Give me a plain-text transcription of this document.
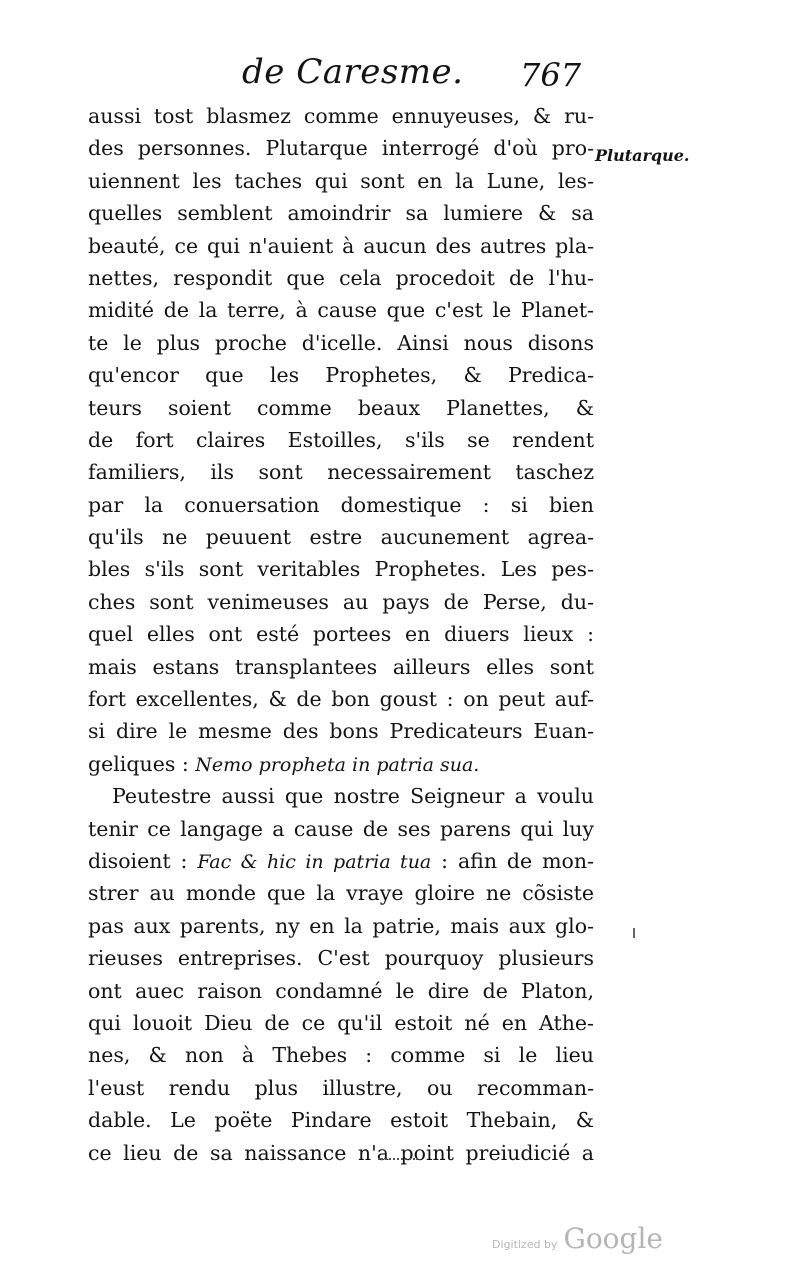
de Caresme. 767
Plutarque.
aussi tost blasmez comme ennuyeuses, & ru-
des personnes. Plutarque interrogé d'où pro-
uiennent les taches qui sont en la Lune, les-
quelles semblent amoindrir sa lumiere & sa
beauté, ce qui n'auient à aucun des autres pla-
nettes, respondit que cela procedoit de l'hu-
midité de la terre, à cause que c'est le Planet-
te le plus proche d'icelle. Ainsi nous disons
qu'encor que les Prophetes, & Predica-
teurs soient comme beaux Planettes, &
de fort claires Estoilles, s'ils se rendent
familiers, ils sont necessairement taschez
par la conuersation domestique : si bien
qu'ils ne peuuent estre aucunement agrea-
bles s'ils sont veritables Prophetes. Les pes-
ches sont venimeuses au pays de Perse, du-
quel elles ont esté portees en diuers lieux :
mais estans transplantees ailleurs elles sont
fort excellentes, & de bon goust : on peut auf-
si dire le mesme des bons Predicateurs Euan-
geliques : Nemo propheta in patria sua.
Peutestre aussi que nostre Seigneur a voulu
tenir ce langage a cause de ses parens qui luy
disoient : Fac & hic in patria tua : afin de mon-
strer au monde que la vraye gloire ne cõsiste
pas aux parents, ny en la patrie, mais aux glo-
rieuses entreprises. C'est pourquoy plusieurs
ont auec raison condamné le dire de Platon,
qui louoit Dieu de ce qu'il estoit né en Athe-
nes, & non à Thebes : comme si le lieu
l'eust rendu plus illustre, ou recomman-
dable. Le poëte Pindare estoit Thebain, &
ce lieu de sa naissance n'a point preiudicié a
Digitized by Google
